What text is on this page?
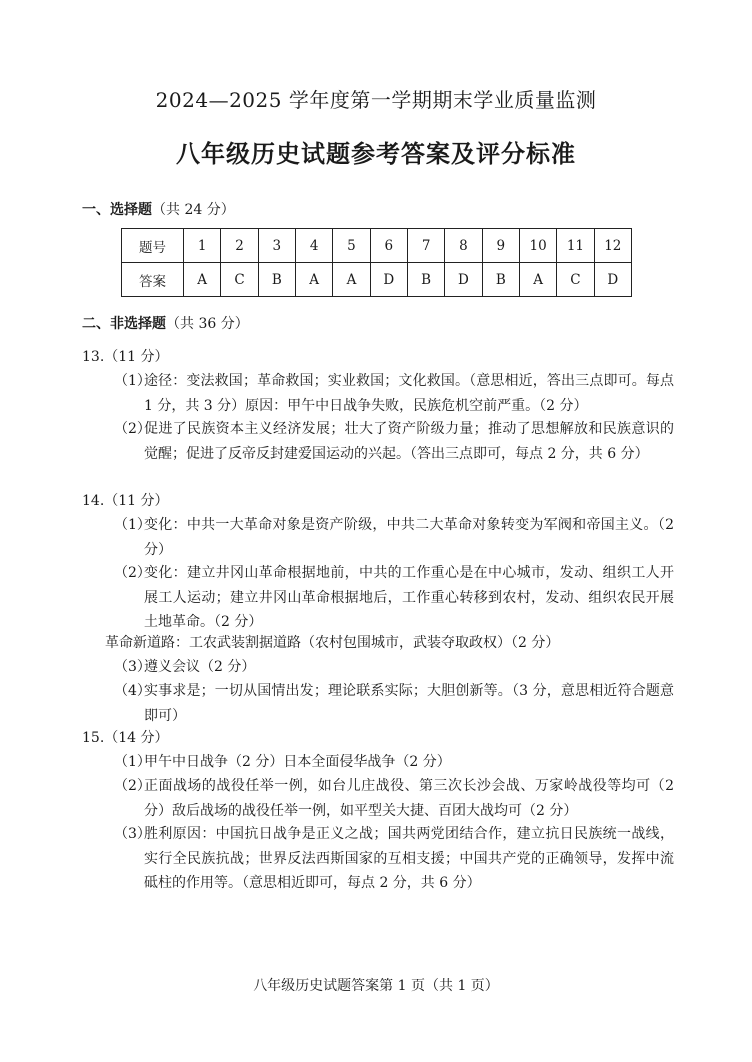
2024—2025 学年度第一学期期末学业质量监测
八年级历史试题参考答案及评分标准
一、选择题（共 24 分）
题号	1	2	3	4	5	6	7	8	9	10	11	12
答案	A	C	B	A	A	D	B	D	B	A	C	D
二、非选择题（共 36 分）
13.（11 分）
（1）
途径：变法救国；革命救国；实业救国；文化救国。（意思相近，答出三点即可。每点 1 分，共 3 分）原因：甲午中日战争失败，民族危机空前严重。（2 分）
（2）
促进了民族资本主义经济发展；壮大了资产阶级力量；推动了思想解放和民族意识的觉醒；促进了反帝反封建爱国运动的兴起。（答出三点即可，每点 2 分，共 6 分）
14.（11 分）
（1）
变化：中共一大革命对象是资产阶级，中共二大革命对象转变为军阀和帝国主义。（2 分）
（2）
变化：建立井冈山革命根据地前，中共的工作重心是在中心城市，发动、组织工人开展工人运动；建立井冈山革命根据地后，工作重心转移到农村，发动、组织农民开展土地革命。（2 分）
革命新道路：工农武装割据道路（农村包围城市，武装夺取政权）（2 分）
（3）
遵义会议（2 分）
（4）
实事求是；一切从国情出发；理论联系实际；大胆创新等。（3 分，意思相近符合题意即可）
15.（14 分）
（1）
甲午中日战争（2 分）日本全面侵华战争（2 分）
（2）
正面战场的战役任举一例，如台儿庄战役、第三次长沙会战、万家岭战役等均可（2 分）敌后战场的战役任举一例，如平型关大捷、百团大战均可（2 分）
（3）
胜利原因：中国抗日战争是正义之战；国共两党团结合作，建立抗日民族统一战线，实行全民族抗战；世界反法西斯国家的互相支援；中国共产党的正确领导，发挥中流砥柱的作用等。（意思相近即可，每点 2 分，共 6 分）
八年级历史试题答案第 1 页（共 1 页）
